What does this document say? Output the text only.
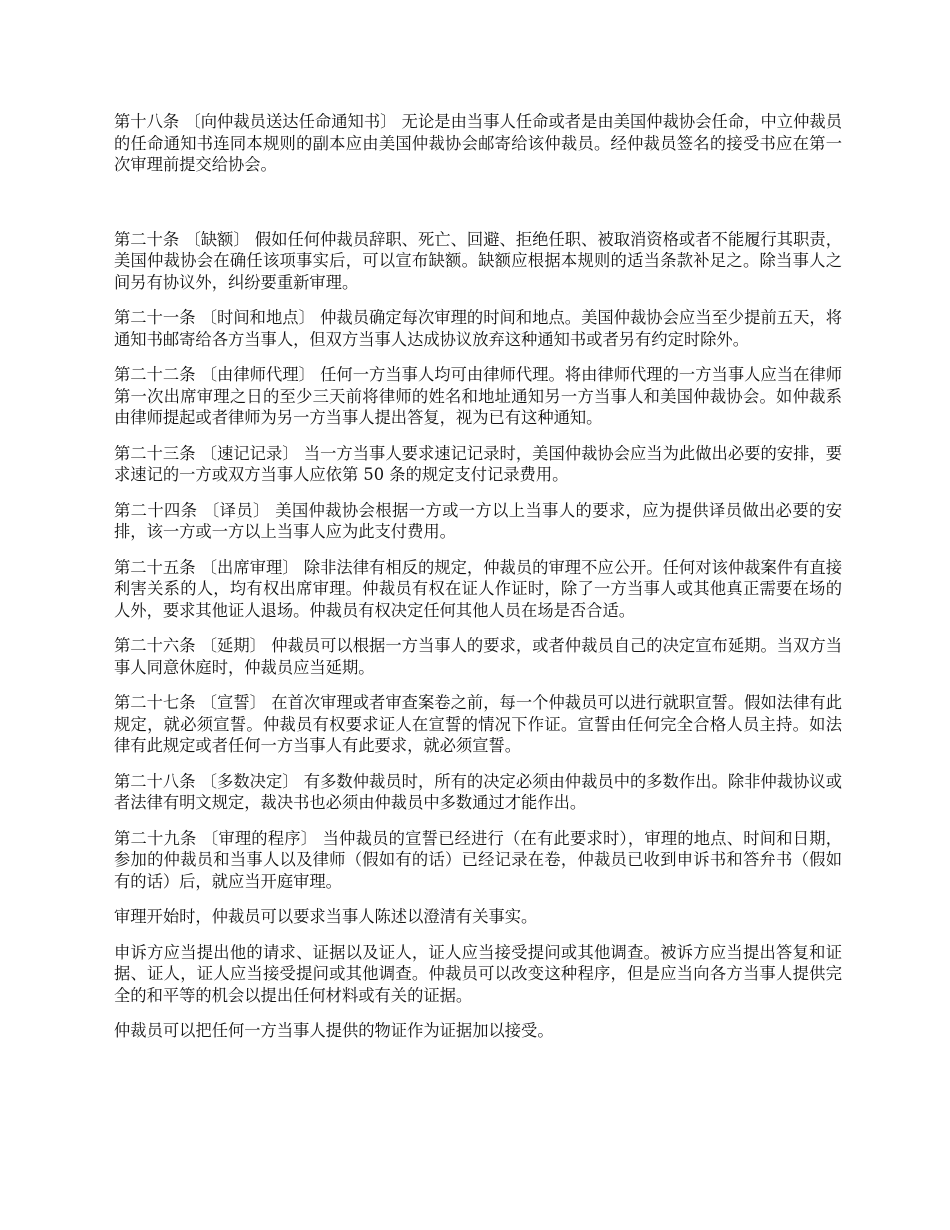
第十八条 〔向仲裁员送达任命通知书〕 无论是由当事人任命或者是由美国仲裁协会任命，中立仲裁员的任命通知书连同本规则的副本应由美国仲裁协会邮寄给该仲裁员。经仲裁员签名的接受书应在第一次审理前提交给协会。

第二十条 〔缺额〕 假如任何仲裁员辞职、死亡、回避、拒绝任职、被取消资格或者不能履行其职责，美国仲裁协会在确任该项事实后，可以宣布缺额。缺额应根据本规则的适当条款补足之。除当事人之间另有协议外，纠纷要重新审理。

第二十一条 〔时间和地点〕 仲裁员确定每次审理的时间和地点。美国仲裁协会应当至少提前五天，将通知书邮寄给各方当事人，但双方当事人达成协议放弃这种通知书或者另有约定时除外。

第二十二条 〔由律师代理〕 任何一方当事人均可由律师代理。将由律师代理的一方当事人应当在律师第一次出席审理之日的至少三天前将律师的姓名和地址通知另一方当事人和美国仲裁协会。如仲裁系由律师提起或者律师为另一方当事人提出答复，视为已有这种通知。

第二十三条 〔速记记录〕 当一方当事人要求速记记录时，美国仲裁协会应当为此做出必要的安排，要求速记的一方或双方当事人应依第 50 条的规定支付记录费用。

第二十四条 〔译员〕 美国仲裁协会根据一方或一方以上当事人的要求，应为提供译员做出必要的安排，该一方或一方以上当事人应为此支付费用。

第二十五条 〔出席审理〕 除非法律有相反的规定，仲裁员的审理不应公开。任何对该仲裁案件有直接利害关系的人，均有权出席审理。仲裁员有权在证人作证时，除了一方当事人或其他真正需要在场的人外，要求其他证人退场。仲裁员有权决定任何其他人员在场是否合适。

第二十六条 〔延期〕 仲裁员可以根据一方当事人的要求，或者仲裁员自己的决定宣布延期。当双方当事人同意休庭时，仲裁员应当延期。

第二十七条 〔宣誓〕 在首次审理或者审查案卷之前，每一个仲裁员可以进行就职宣誓。假如法律有此规定，就必须宣誓。仲裁员有权要求证人在宣誓的情况下作证。宣誓由任何完全合格人员主持。如法律有此规定或者任何一方当事人有此要求，就必须宣誓。

第二十八条 〔多数决定〕 有多数仲裁员时，所有的决定必须由仲裁员中的多数作出。除非仲裁协议或者法律有明文规定，裁决书也必须由仲裁员中多数通过才能作出。

第二十九条 〔审理的程序〕 当仲裁员的宣誓已经进行（在有此要求时），审理的地点、时间和日期，参加的仲裁员和当事人以及律师（假如有的话）已经记录在卷，仲裁员已收到申诉书和答弁书（假如有的话）后，就应当开庭审理。

审理开始时，仲裁员可以要求当事人陈述以澄清有关事实。

申诉方应当提出他的请求、证据以及证人，证人应当接受提问或其他调查。被诉方应当提出答复和证据、证人，证人应当接受提问或其他调查。仲裁员可以改变这种程序，但是应当向各方当事人提供完全的和平等的机会以提出任何材料或有关的证据。

仲裁员可以把任何一方当事人提供的物证作为证据加以接受。
